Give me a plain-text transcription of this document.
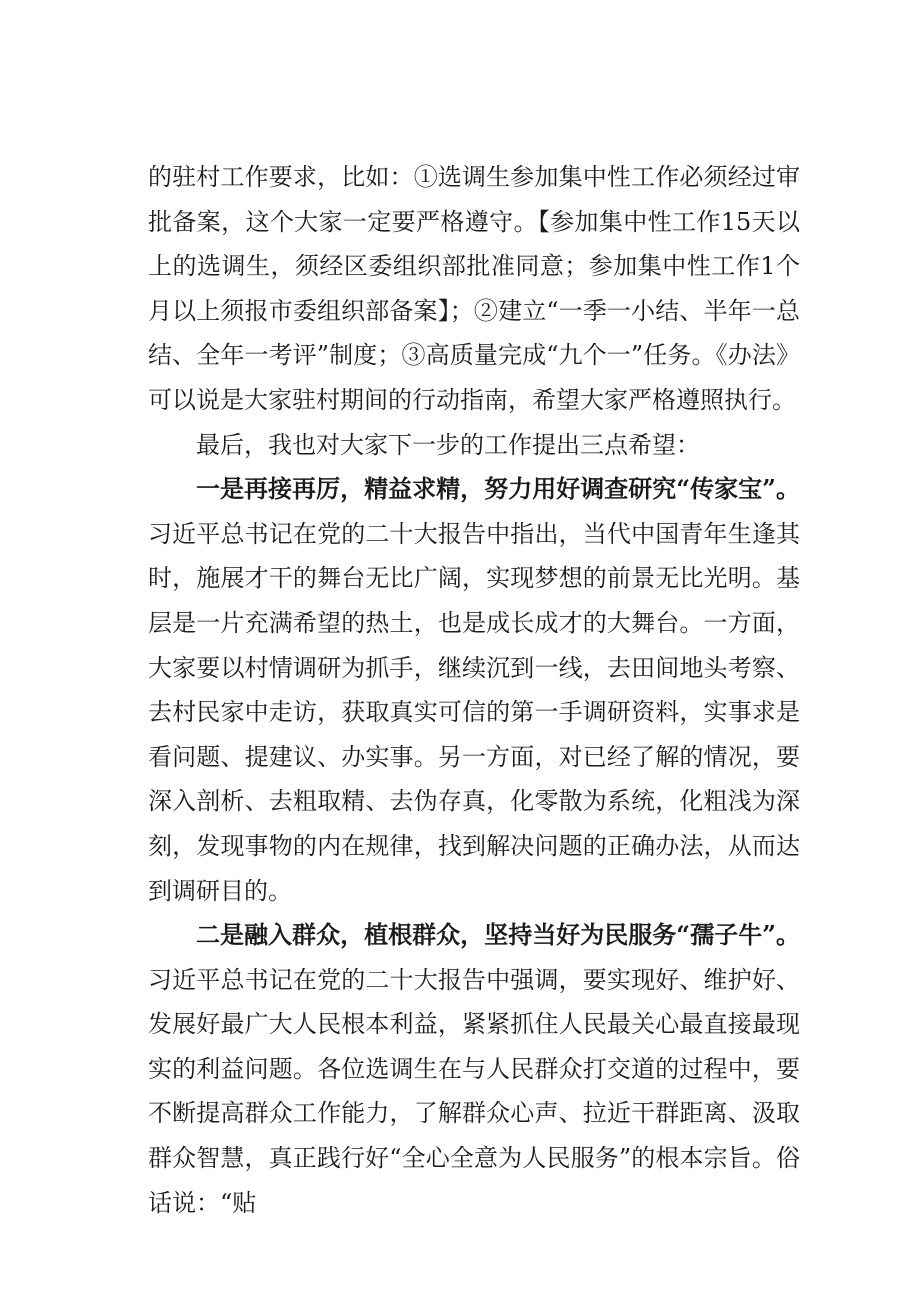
的驻村工作要求，比如：①选调生参加集中性工作必须经过审批备案，这个大家一定要严格遵守。【参加集中性工作15天以上的选调生，须经区委组织部批准同意；参加集中性工作1个月以上须报市委组织部备案】；②建立“一季一小结、半年一总结、全年一考评”制度；③高质量完成“九个一”任务。《办法》可以说是大家驻村期间的行动指南，希望大家严格遵照执行。

最后，我也对大家下一步的工作提出三点希望：

一是再接再厉，精益求精，努力用好调查研究“传家宝”。习近平总书记在党的二十大报告中指出，当代中国青年生逢其时，施展才干的舞台无比广阔，实现梦想的前景无比光明。基层是一片充满希望的热土，也是成长成才的大舞台。一方面，大家要以村情调研为抓手，继续沉到一线，去田间地头考察、去村民家中走访，获取真实可信的第一手调研资料，实事求是看问题、提建议、办实事。另一方面，对已经了解的情况，要深入剖析、去粗取精、去伪存真，化零散为系统，化粗浅为深刻，发现事物的内在规律，找到解决问题的正确办法，从而达到调研目的。

二是融入群众，植根群众，坚持当好为民服务“孺子牛”。习近平总书记在党的二十大报告中强调，要实现好、维护好、发展好最广大人民根本利益，紧紧抓住人民最关心最直接最现实的利益问题。各位选调生在与人民群众打交道的过程中，要不断提高群众工作能力，了解群众心声、拉近干群距离、汲取群众智慧，真正践行好“全心全意为人民服务”的根本宗旨。俗话说：“贴
